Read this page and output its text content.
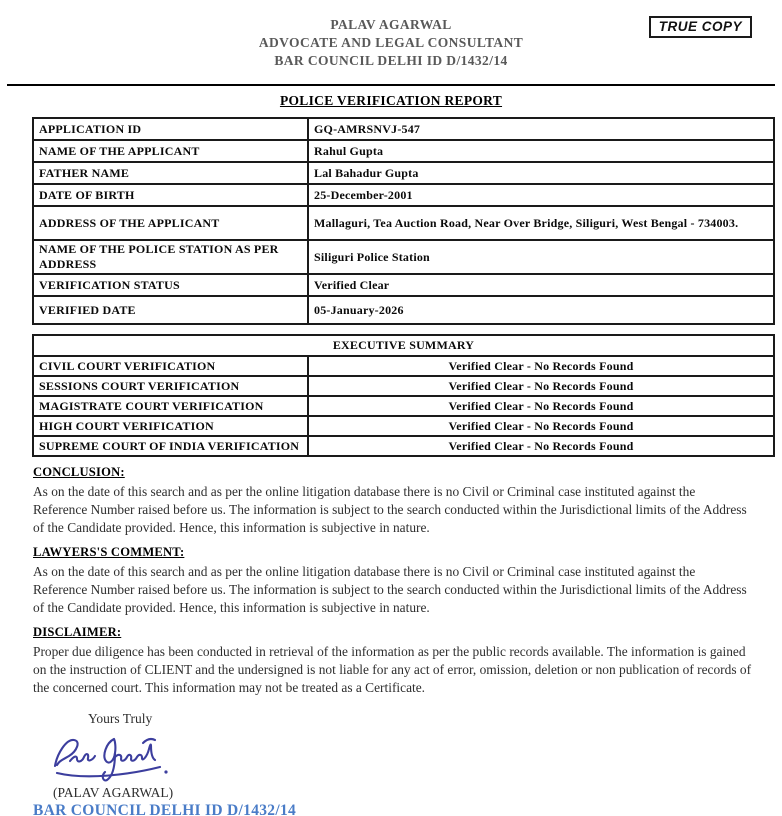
PALAV AGARWAL
ADVOCATE AND LEGAL CONSULTANT
BAR COUNCIL DELHI ID D/1432/14
TRUE COPY
POLICE VERIFICATION REPORT
APPLICATION ID	GQ-AMRSNVJ-547
NAME OF THE APPLICANT	Rahul Gupta
FATHER NAME	Lal Bahadur Gupta
DATE OF BIRTH	25-December-2001
ADDRESS OF THE APPLICANT	Mallaguri, Tea Auction Road, Near Over Bridge, Siliguri, West Bengal - 734003.
NAME OF THE POLICE STATION AS PER ADDRESS	Siliguri Police Station
VERIFICATION STATUS	Verified Clear
VERIFIED DATE	05-January-2026
EXECUTIVE SUMMARY	
CIVIL COURT VERIFICATION	Verified Clear - No Records Found
SESSIONS COURT VERIFICATION	Verified Clear - No Records Found
MAGISTRATE COURT VERIFICATION	Verified Clear - No Records Found
HIGH COURT VERIFICATION	Verified Clear - No Records Found
SUPREME COURT OF INDIA VERIFICATION	Verified Clear - No Records Found
CONCLUSION:
As on the date of this search and as per the online litigation database there is no Civil or Criminal case instituted against the Reference Number raised before us. The information is subject to the search conducted within the Jurisdictional limits of the Address of the Candidate provided. Hence, this information is subjective in nature.
LAWYERS'S COMMENT:
As on the date of this search and as per the online litigation database there is no Civil or Criminal case instituted against the Reference Number raised before us. The information is subject to the search conducted within the Jurisdictional limits of the Address of the Candidate provided. Hence, this information is subjective in nature.
DISCLAIMER:
Proper due diligence has been conducted in retrieval of the information as per the public records available. The information is gained on the instruction of CLIENT and the undersigned is not liable for any act of error, omission, deletion or non publication of records of the concerned court. This information may not be treated as a Certificate.
Yours Truly
(PALAV AGARWAL)
BAR COUNCIL DELHI ID D/1432/14
